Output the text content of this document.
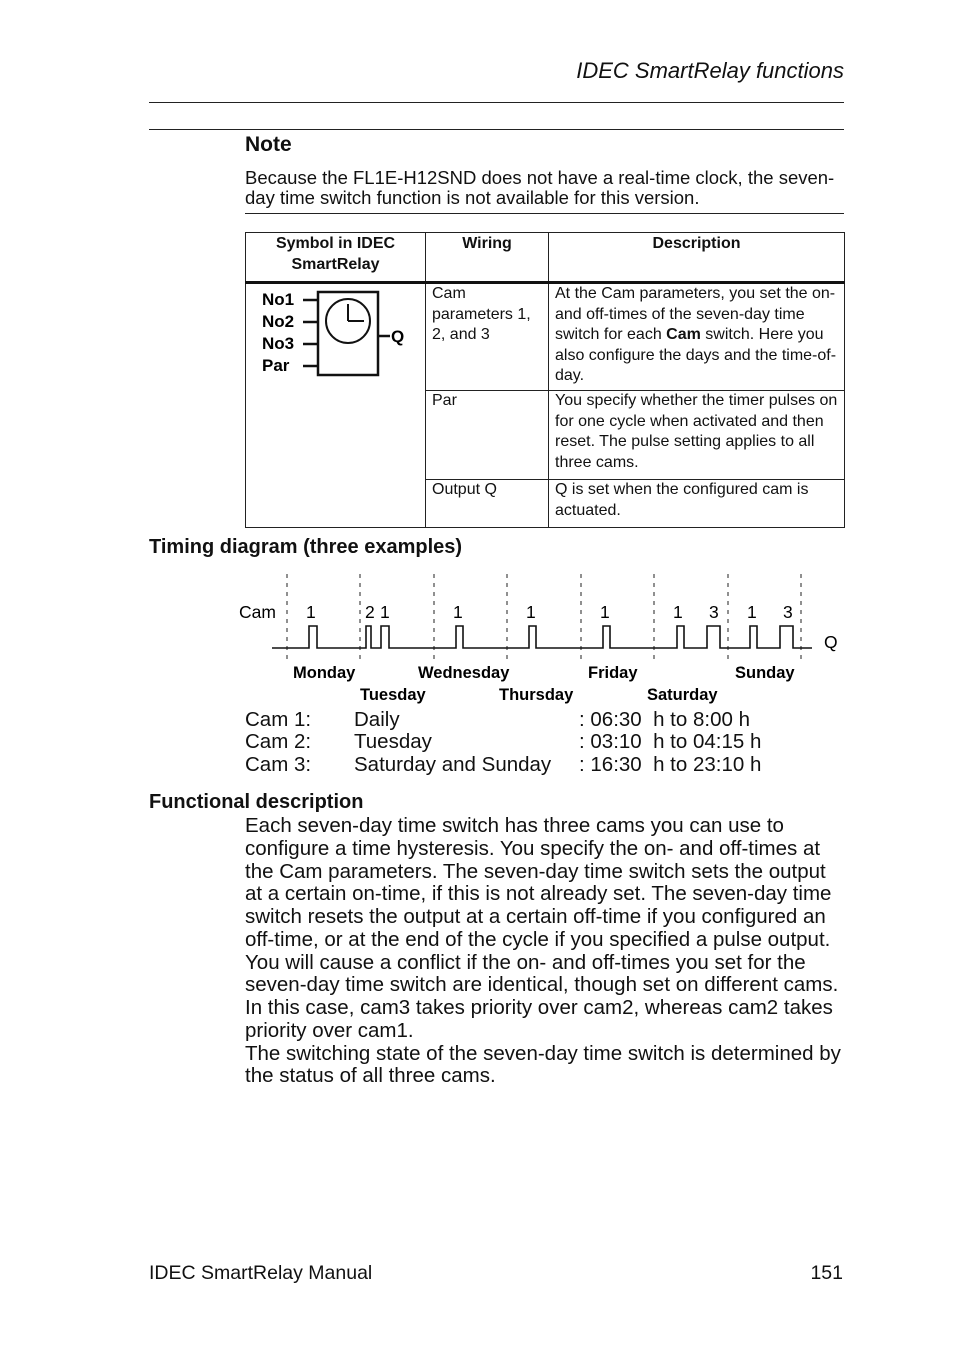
IDEC SmartRelay functions
Note
Because the FL1E-H12SND does not have a real-time clock, the seven-day time switch function is not available for this version.
Symbol in IDEC SmartRelay	Wiring	Description

No1
No2
No3
Par
Q	Cam parameters 1, 2, and 3	At the Cam parameters, you set the on- and off-times of the seven-day time switch for each Cam switch. Here you also configure the days and the time-of-day.
	Par	You specify whether the timer pulses on for one cycle when activated and then reset. The pulse setting applies to all three cams.
	Output Q	Q is set when the configured cam is actuated.
Timing diagram (three examples)
Cam
Q
1	2 1	1	1	1	1 3 1 3
Monday	Wednesday	Friday	Sunday
Tuesday	Thursday	Saturday
Cam 1: Daily	: 06:30  h to 8:00 h
Cam 2: Tuesday	: 03:10  h to 04:15 h
Cam 3: Saturday and Sunday : 16:30  h to 23:10 h
Functional description
Each seven-day time switch has three cams you can use to configure a time hysteresis. You specify the on- and off-times at the Cam parameters. The seven-day time switch sets the output at a certain on-time, if this is not already set. The seven-day time switch resets the output at a certain off-time if you configured an off-time, or at the end of the cycle if you specified a pulse output. You will cause a conflict if the on- and off-times you set for the seven-day time switch are identical, though set on different cams. In this case, cam3 takes priority over cam2, whereas cam2 takes priority over cam1.
The switching state of the seven-day time switch is determined by the status of all three cams.
IDEC SmartRelay Manual	151
